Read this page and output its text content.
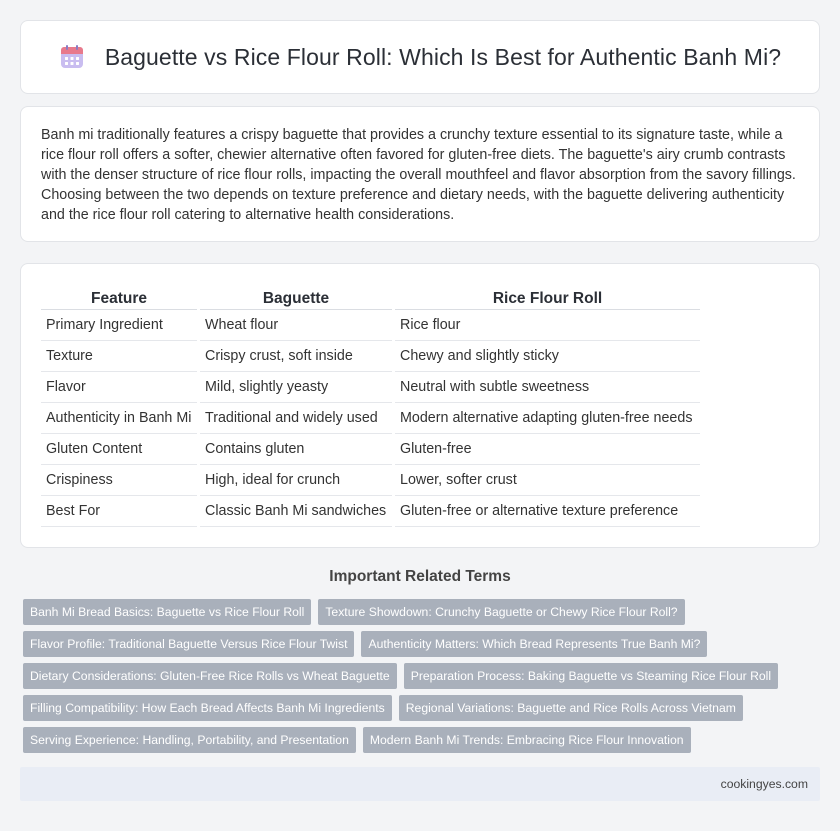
Baguette vs Rice Flour Roll: Which Is Best for Authentic Banh Mi?

Banh mi traditionally features a crispy baguette that provides a crunchy texture essential to its signature taste, while a rice flour roll offers a softer, chewier alternative often favored for gluten-free diets. The baguette's airy crumb contrasts with the denser structure of rice flour rolls, impacting the overall mouthfeel and flavor absorption from the savory fillings. Choosing between the two depends on texture preference and dietary needs, with the baguette delivering authenticity and the rice flour roll catering to alternative health considerations.

Feature	Baguette	Rice Flour Roll
Primary Ingredient	Wheat flour	Rice flour
Texture	Crispy crust, soft inside	Chewy and slightly sticky
Flavor	Mild, slightly yeasty	Neutral with subtle sweetness
Authenticity in Banh Mi	Traditional and widely used	Modern alternative adapting gluten-free needs
Gluten Content	Contains gluten	Gluten-free
Crispiness	High, ideal for crunch	Lower, softer crust
Best For	Classic Banh Mi sandwiches	Gluten-free or alternative texture preference
Important Related Terms
Banh Mi Bread Basics: Baguette vs Rice Flour Roll	Texture Showdown: Crunchy Baguette or Chewy Rice Flour Roll?
Flavor Profile: Traditional Baguette Versus Rice Flour Twist	Authenticity Matters: Which Bread Represents True Banh Mi?
Dietary Considerations: Gluten-Free Rice Rolls vs Wheat Baguette	Preparation Process: Baking Baguette vs Steaming Rice Flour Roll
Filling Compatibility: How Each Bread Affects Banh Mi Ingredients	Regional Variations: Baguette and Rice Rolls Across Vietnam
Serving Experience: Handling, Portability, and Presentation	Modern Banh Mi Trends: Embracing Rice Flour Innovation
cookingyes.com
